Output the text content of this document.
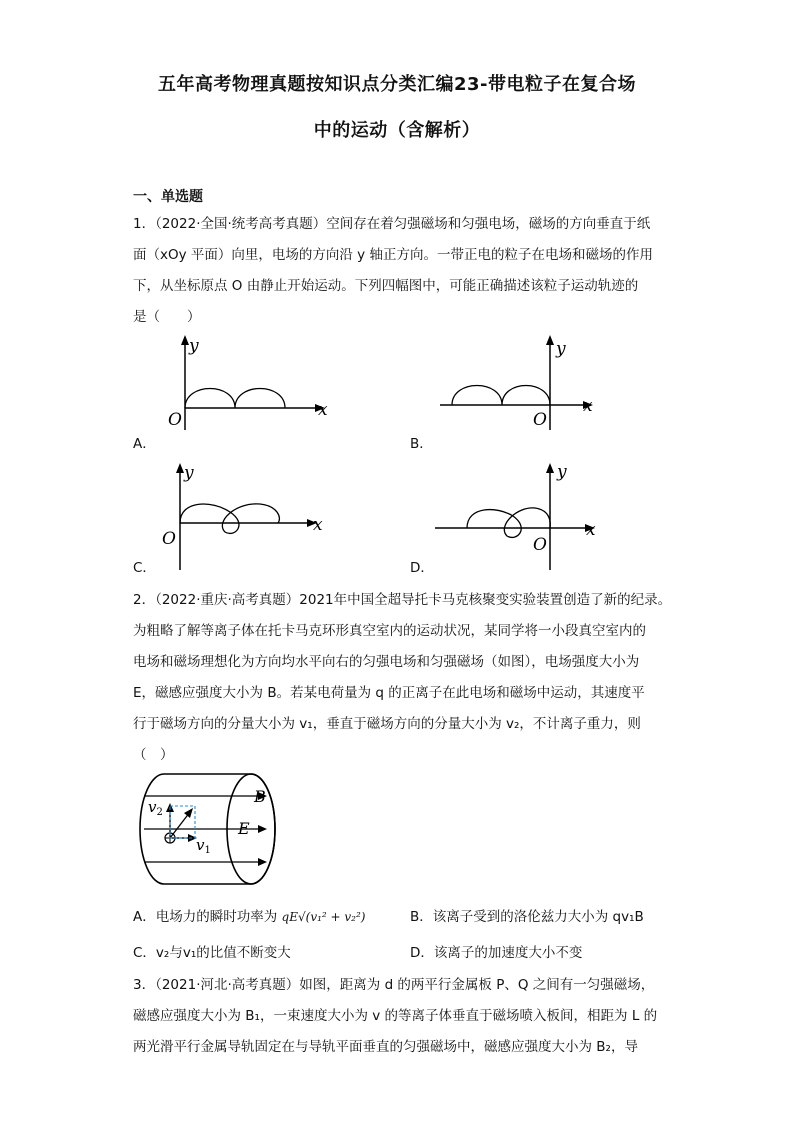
五年高考物理真题按知识点分类汇编23-带电粒子在复合场
中的运动（含解析）
一、单选题
1．（2022·全国·统考高考真题）空间存在着匀强磁场和匀强电场，磁场的方向垂直于纸
面（xOy 平面）向里，电场的方向沿 y 轴正方向。一带正电的粒子在电场和磁场的作用
下，从坐标原点 O 由静止开始运动。下列四幅图中，可能正确描述该粒子运动轨迹的
是（　　）
y
x
O
A．
y
x
O
B．
y
x
O
C．
y
x
O
D．
2．（2022·重庆·高考真题）2021年中国全超导托卡马克核聚变实验装置创造了新的纪录。
为粗略了解等离子体在托卡马克环形真空室内的运动状况，某同学将一小段真空室内的
电场和磁场理想化为方向均水平向右的匀强电场和匀强磁场（如图），电场强度大小为
E，磁感应强度大小为 B。若某电荷量为 q 的正离子在此电场和磁场中运动，其速度平
行于磁场方向的分量大小为 v₁，垂直于磁场方向的分量大小为 v₂，不计离子重力，则
（　）
B
E
$v_2$
$v_1$
A．电场力的瞬时功率为 qE√(v₁² + v₂²)	B．该离子受到的洛伦兹力大小为 qv₁B
C．v₂与v₁的比值不断变大	D．该离子的加速度大小不变
3．（2021·河北·高考真题）如图，距离为 d 的两平行金属板 P、Q 之间有一匀强磁场，
磁感应强度大小为 B₁，一束速度大小为 v 的等离子体垂直于磁场喷入板间，相距为 L 的
两光滑平行金属导轨固定在与导轨平面垂直的匀强磁场中，磁感应强度大小为 B₂，导
